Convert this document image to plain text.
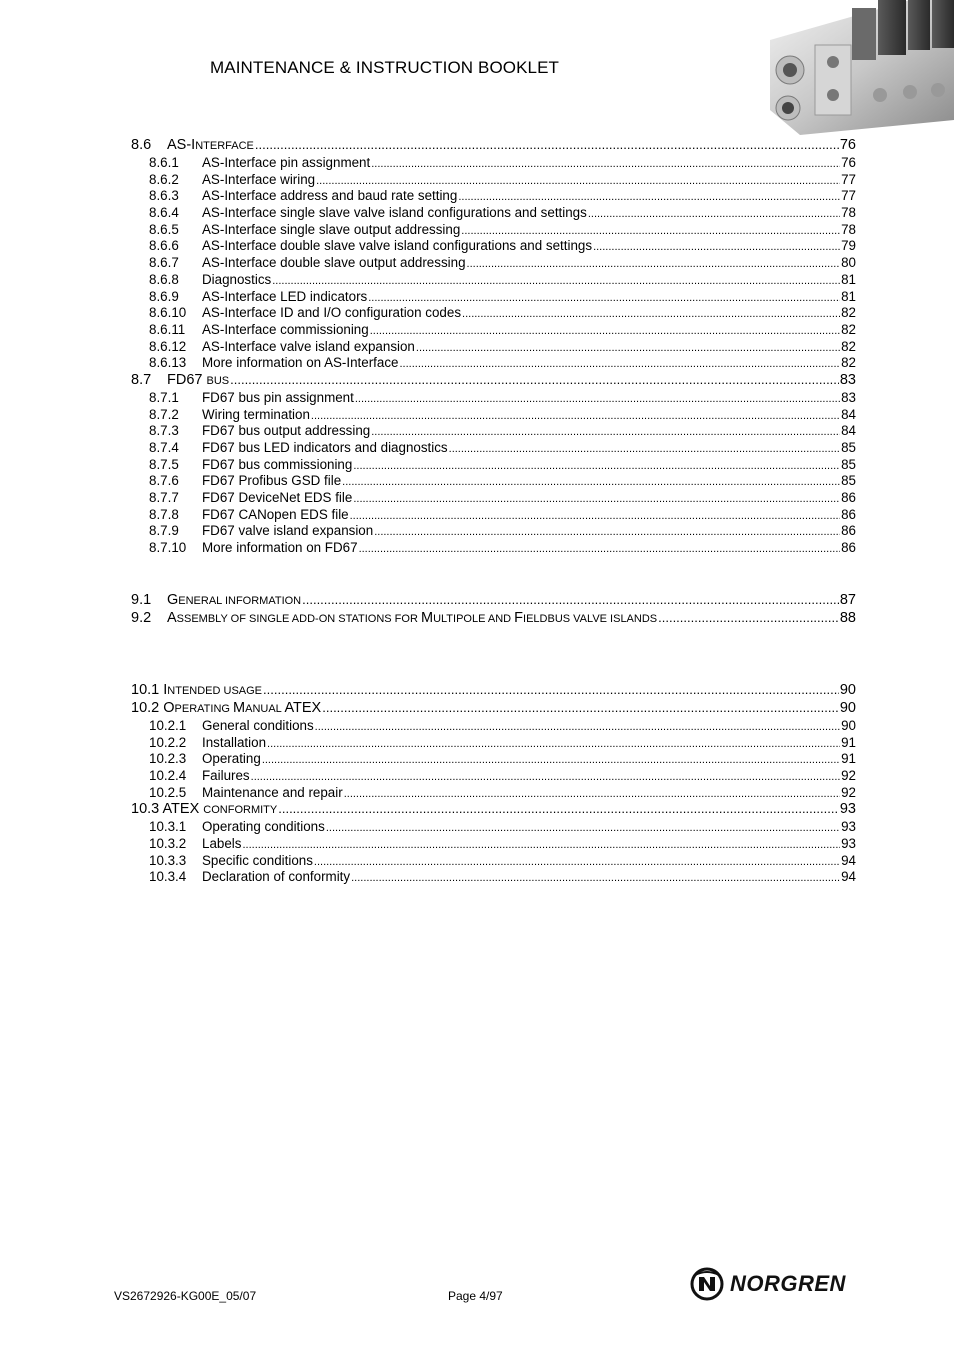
MAINTENANCE & INSTRUCTION BOOKLET
8.6	AS-INTERFACE .....	76
8.6.1	AS-Interface pin assignment .....	76
8.6.2	AS-Interface wiring .....	77
8.6.3	AS-Interface address and baud rate setting .....	77
8.6.4	AS-Interface single slave valve island configurations and settings .....	78
8.6.5	AS-Interface single slave output addressing .....	78
8.6.6	AS-Interface double slave valve island configurations and settings .....	79
8.6.7	AS-Interface double slave output addressing .....	80
8.6.8	Diagnostics .....	81
8.6.9	AS-Interface LED indicators .....	81
8.6.10	AS-Interface ID and I/O configuration codes .....	82
8.6.11	AS-Interface commissioning .....	82
8.6.12	AS-Interface valve island expansion .....	82
8.6.13	More information on AS-Interface .....	82
8.7	FD67 BUS .....	83
8.7.1	FD67 bus pin assignment .....	83
8.7.2	Wiring termination .....	84
8.7.3	FD67 bus output addressing .....	84
8.7.4	FD67 bus LED indicators and diagnostics .....	85
8.7.5	FD67 bus commissioning .....	85
8.7.6	FD67 Profibus GSD file .....	85
8.7.7	FD67 DeviceNet EDS file .....	86
8.7.8	FD67 CANopen EDS file .....	86
8.7.9	FD67 valve island expansion .....	86
8.7.10	More information on FD67 .....	86
9.1	GENERAL INFORMATION .....	87
9.2	ASSEMBLY OF SINGLE ADD-ON STATIONS FOR MULTIPOLE AND FIELDBUS VALVE ISLANDS .....	88
10.1 INTENDED USAGE .....	90
10.2 OPERATING MANUAL ATEX .....	90
10.2.1	General conditions .....	90
10.2.2	Installation .....	91
10.2.3	Operating .....	91
10.2.4	Failures .....	92
10.2.5	Maintenance and repair .....	92
10.3 ATEX CONFORMITY .....	93
10.3.1	Operating conditions .....	93
10.3.2	Labels .....	93
10.3.3	Specific conditions .....	94
10.3.4	Declaration of conformity .....	94
VS2672926-KG00E_05/07	Page 4/97	NORGREN
